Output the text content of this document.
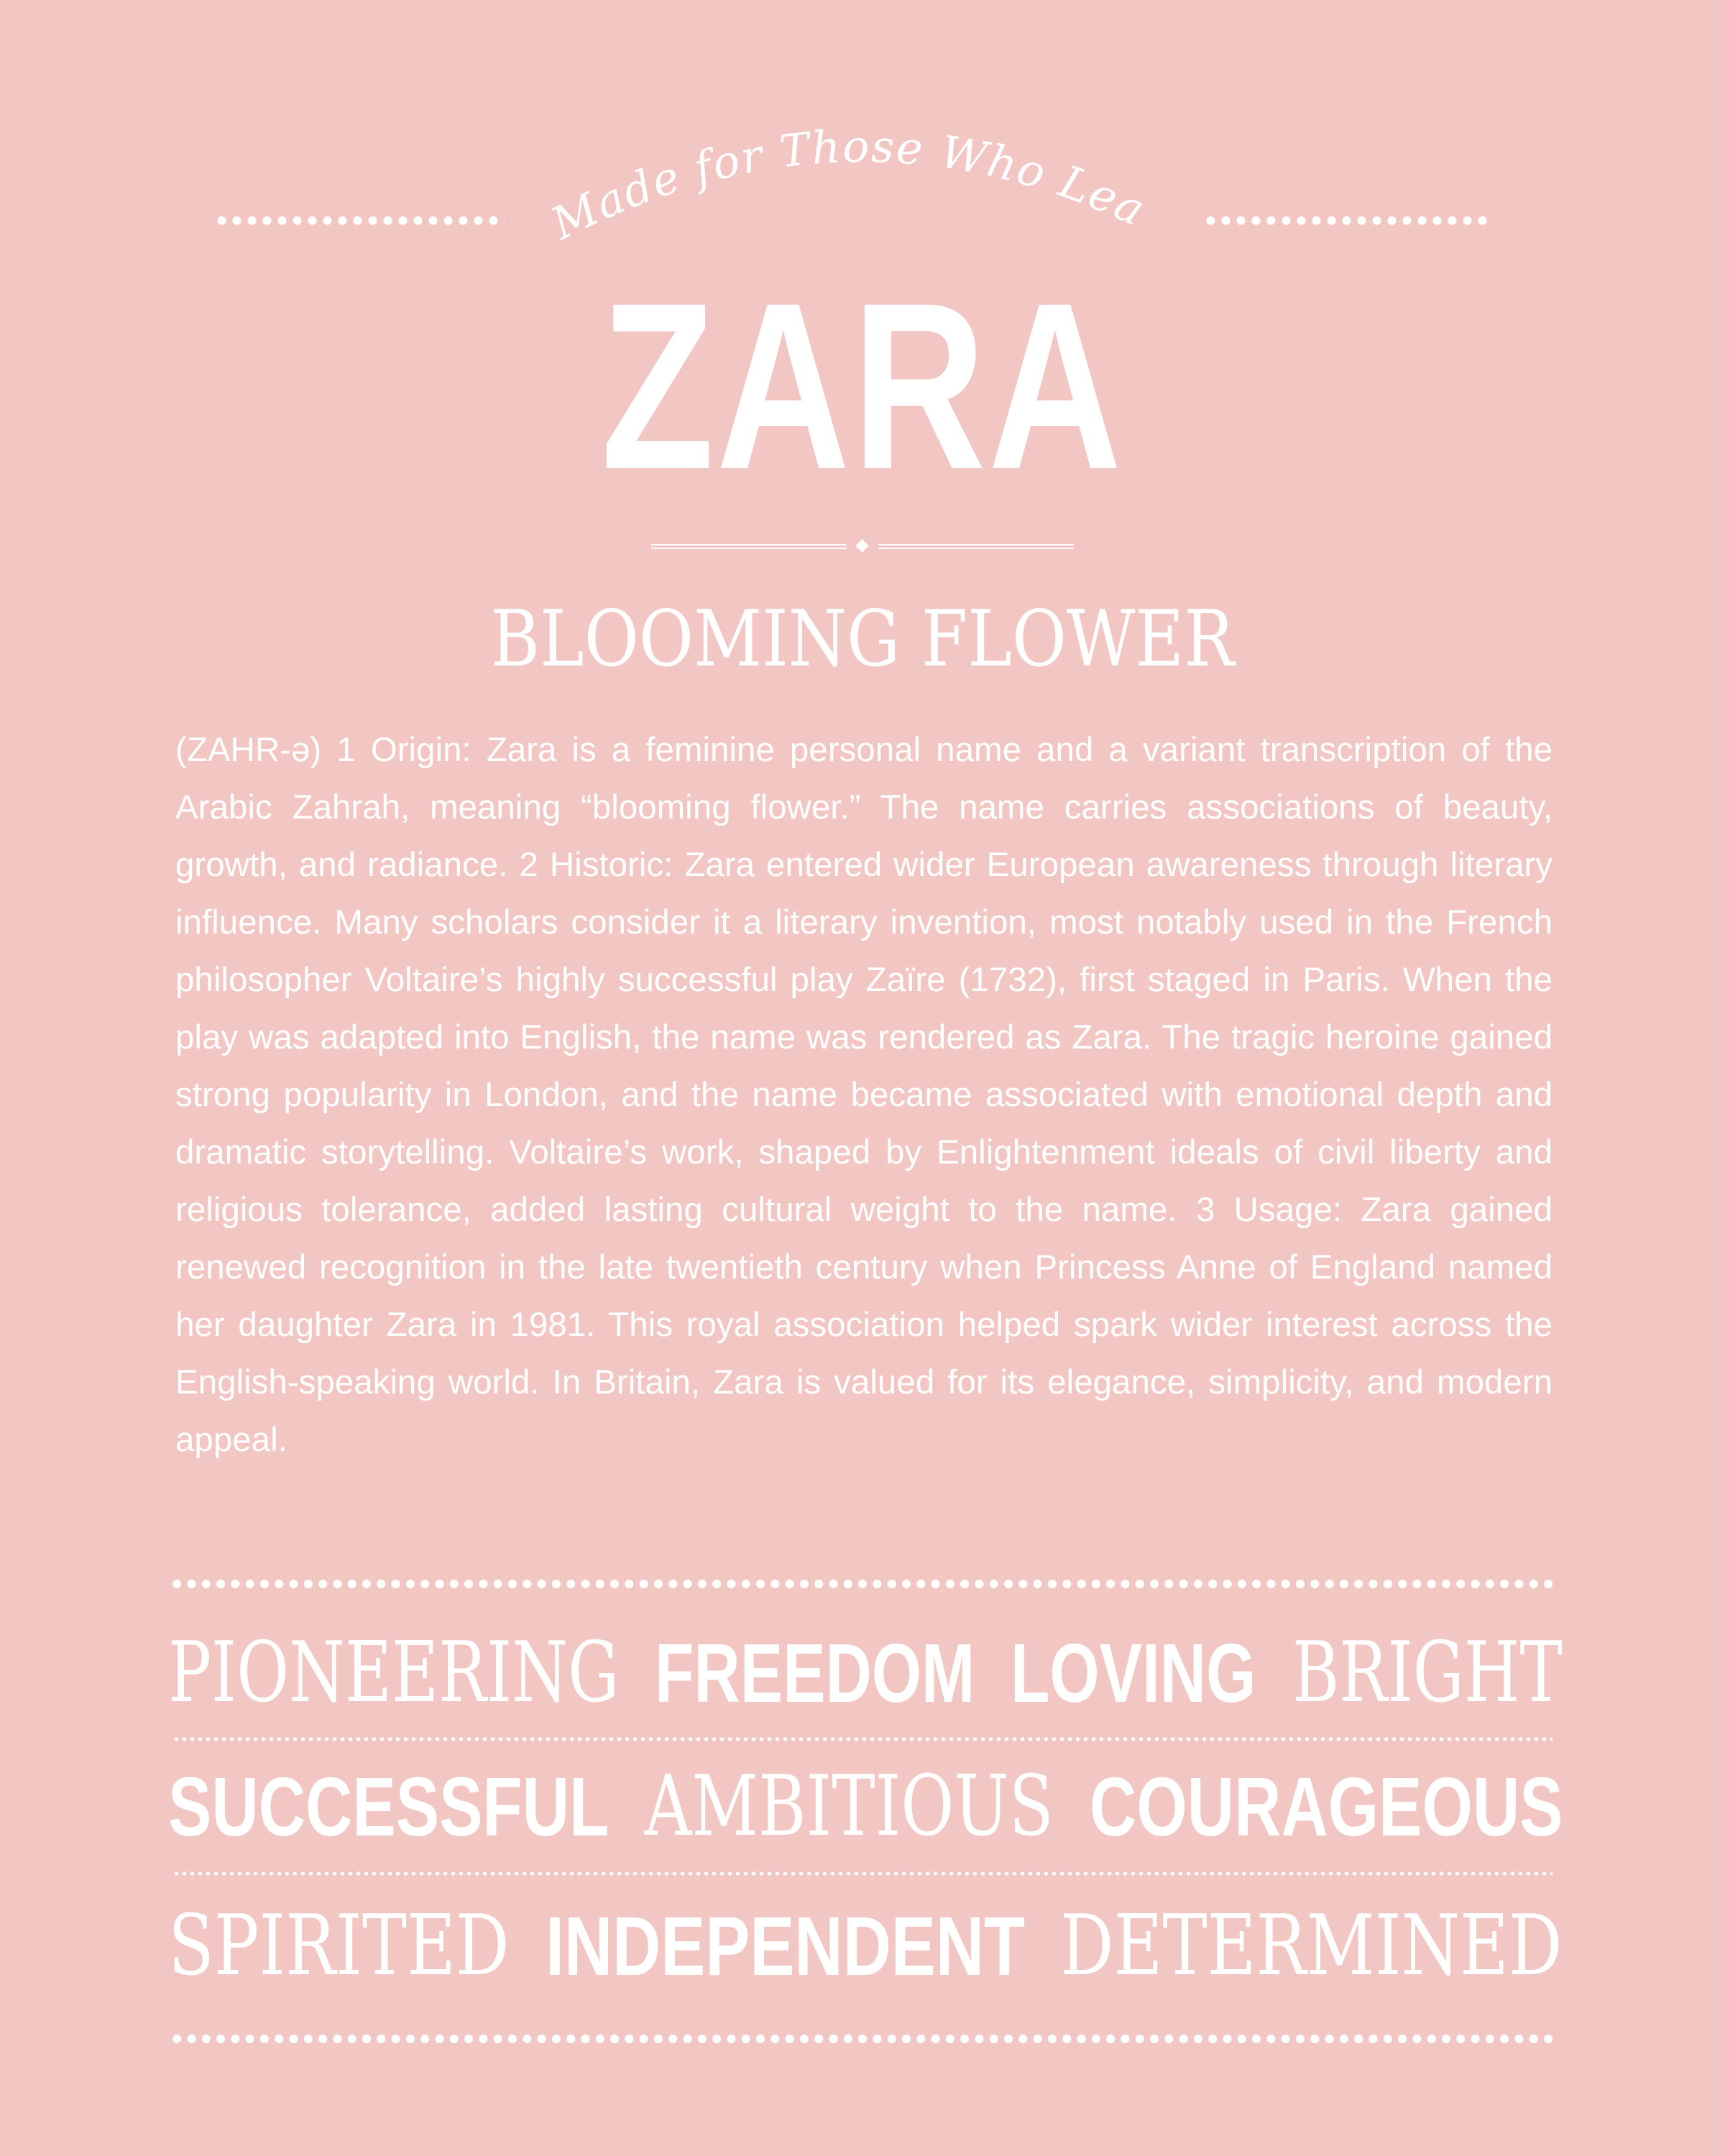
Made for Those Who Lead
ZARA
BLOOMING FLOWER
(ZAHR-ə) 1 Origin: Zara is a feminine personal name and a variant transcription of the Arabic Zahrah, meaning “blooming flower.” The name carries associations of beauty, growth, and radiance. 2 Historic: Zara entered wider European awareness through literary influence. Many scholars consider it a literary invention, most notably used in the French philosopher Voltaire’s highly successful play Zaïre (1732), first staged in Paris. When the play was adapted into English, the name was rendered as Zara. The tragic heroine gained strong popularity in London, and the name became associated with emotional depth and dramatic storytelling. Voltaire’s work, shaped by Enlightenment ideals of civil liberty and religious tolerance, added lasting cultural weight to the name. 3 Usage: Zara gained renewed recognition in the late twentieth century when Princess Anne of England named her daughter Zara in 1981. This royal association helped spark wider interest across the English-speaking world. In Britain, Zara is valued for its elegance, simplicity, and modern appeal.
PIONEERING FREEDOM LOVING BRIGHT
SUCCESSFUL AMBITIOUS COURAGEOUS
SPIRITED INDEPENDENT DETERMINED
